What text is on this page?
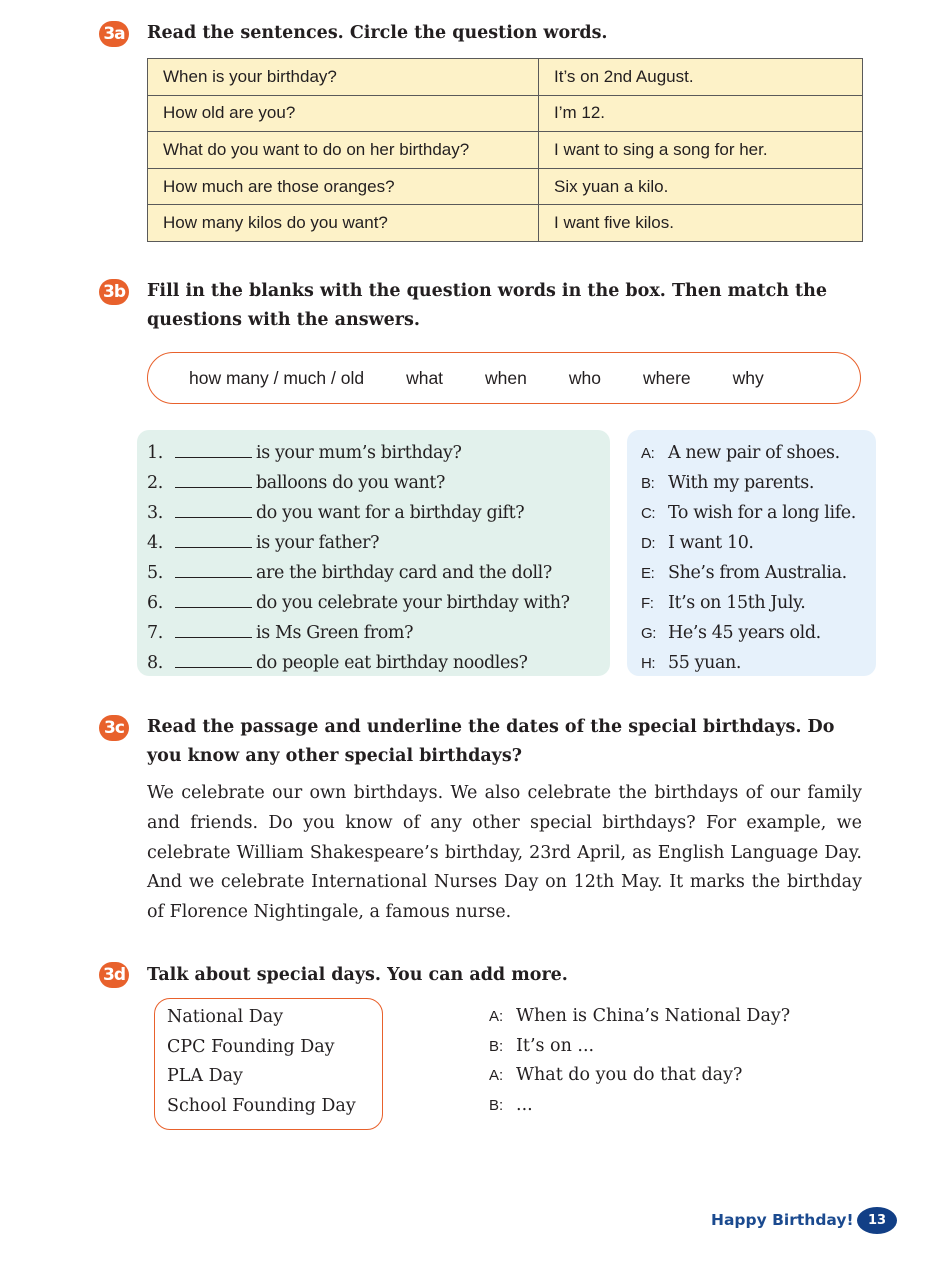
3a Read the sentences. Circle the question words.
When is your birthday?	It’s on 2nd August.
How old are you?	I’m 12.
What do you want to do on her birthday?	I want to sing a song for her.
How much are those oranges?	Six yuan a kilo.
How many kilos do you want?	I want five kilos.
3b Fill in the blanks with the question words in the box. Then match the questions with the answers.
how many / much / old what when who where why
1.	is your mum’s birthday?
2.	balloons do you want?
3.	do you want for a birthday gift?
4.	is your father?
5.	are the birthday card and the doll?
6.	do you celebrate your birthday with?
7.	is Ms Green from?
8.	do people eat birthday noodles?
A: A new pair of shoes.
B: With my parents.
C: To wish for a long life.
D: I want 10.
E: She’s from Australia.
F: It’s on 15th July.
G: He’s 45 years old.
H: 55 yuan.
3c Read the passage and underline the dates of the special birthdays. Do you know any other special birthdays?
We celebrate our own birthdays. We also celebrate the birthdays of our family and friends. Do you know of any other special birthdays? For example, we celebrate William Shakespeare’s birthday, 23rd April, as English Language Day. And we celebrate International Nurses Day on 12th May. It marks the birthday of Florence Nightingale, a famous nurse.
3d Talk about special days. You can add more.
National Day
CPC Founding Day
PLA Day
School Founding Day
A: When is China’s National Day?
B: It’s on ...
A: What do you do that day?
B: ...
Happy Birthday!	13
